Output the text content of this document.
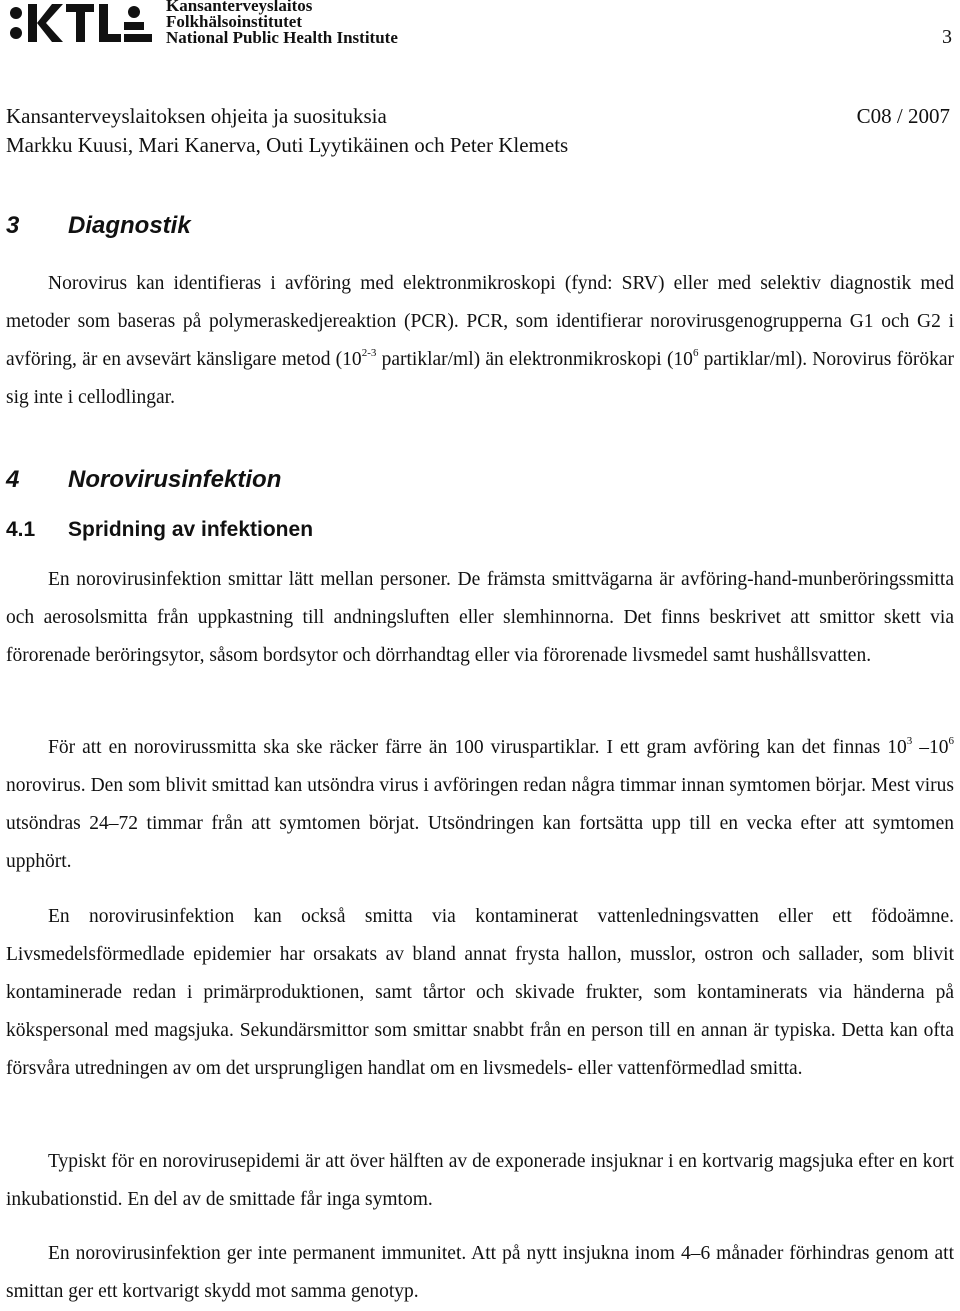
Kansanterveyslaitos
Folkhälsoinstitutet
National Public Health Institute	3
Kansanterveyslaitoksen ohjeita ja suosituksia	C08 / 2007
Markku Kuusi, Mari Kanerva, Outi Lyytikäinen och Peter Klemets
3 Diagnostik

Norovirus kan identifieras i avföring med elektronmikroskopi (fynd: SRV) eller med selektiv diagnostik med metoder som baseras på polymeraskedjereaktion (PCR). PCR, som identifierar norovirusgenogrupperna G1 och G2 i avföring, är en avsevärt känsligare metod (10$^{2-3}$ partiklar/ml) än elektronmikroskopi ($10^6$ partiklar/ml). Norovirus förökar sig inte i cellodlingar.

4 Norovirusinfektion
4.1 Spridning av infektionen

En norovirusinfektion smittar lätt mellan personer. De främsta smittvägarna är avföring-hand-munberöringssmitta och aerosolsmitta från uppkastning till andningsluften eller slemhinnorna. Det finns beskrivet att smittor skett via förorenade beröringsytor, såsom bordsytor och dörrhandtag eller via förorenade livsmedel samt hushållsvatten.

För att en norovirussmitta ska ske räcker färre än 100 viruspartiklar. I ett gram avföring kan det finnas $10^3$ $-10^6$ norovirus. Den som blivit smittad kan utsöndra virus i avföringen redan några timmar innan symtomen börjar. Mest virus utsöndras 24–72 timmar från att symtomen börjat. Utsöndringen kan fortsätta upp till en vecka efter att symtomen upphört.

En norovirusinfektion kan också smitta via kontaminerat vattenledningsvatten eller ett födoämne. Livsmedelsförmedlade epidemier har orsakats av bland annat frysta hallon, musslor, ostron och sallader, som blivit kontaminerade redan i primärproduktionen, samt tårtor och skivade frukter, som kontaminerats via händerna på kökspersonal med magsjuka. Sekundärsmittor som smittar snabbt från en person till en annan är typiska. Detta kan ofta försvåra utredningen av om det ursprungligen handlat om en livsmedels- eller vattenförmedlad smitta.

Typiskt för en norovirusepidemi är att över hälften av de exponerade insjuknar i en kortvarig magsjuka efter en kort inkubationstid. En del av de smittade får inga symtom.

En norovirusinfektion ger inte permanent immunitet. Att på nytt insjukna inom 4–6 månader förhindras genom att smittan ger ett kortvarigt skydd mot samma genotyp.
